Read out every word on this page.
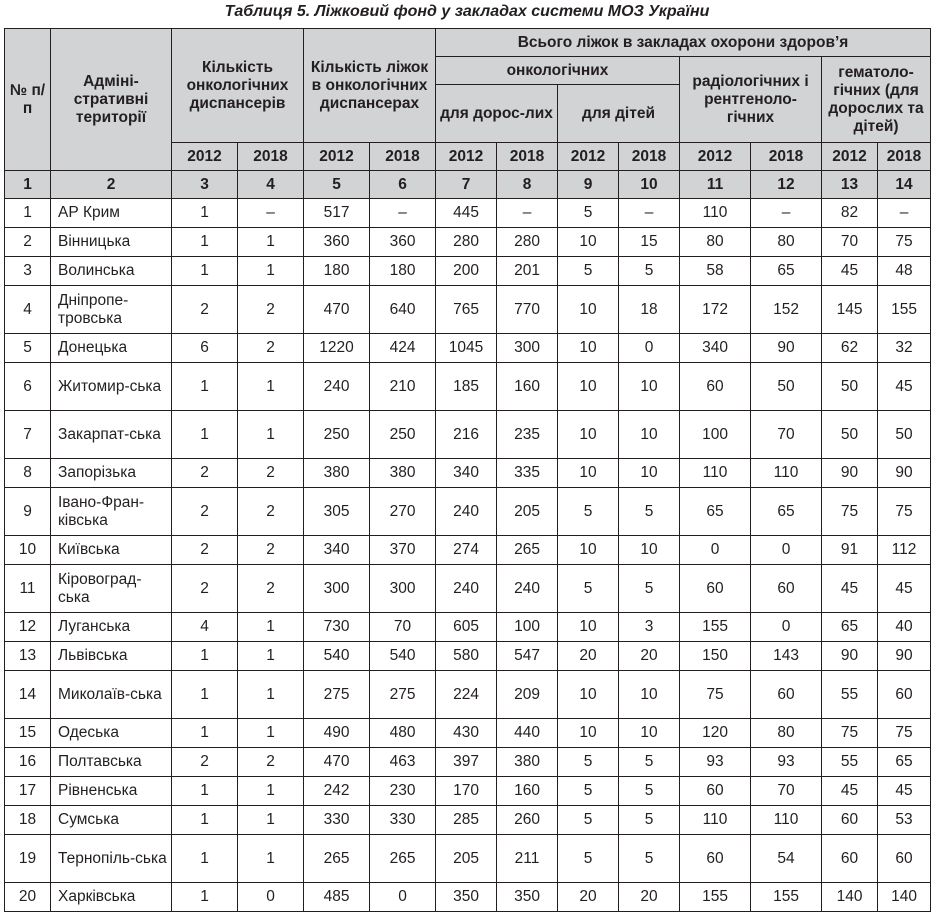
Таблиця 5. Ліжковий фонд у закладах системи МОЗ України
№ п/п	Адміні-стративні території	Кількість онкологічних диспансерів		Кількість ліжок в онкологічних диспансерах		Всього ліжок в закладах охорони здоров’я							
						онкологічних				радіологічних і рентгеноло-гічних		гематоло-гічних (для дорослих та дітей)	
						для дорос-лих		для дітей					
		2012	2018	2012	2018	2012	2018	2012	2018	2012	2018	2012	2018
1	2	3	4	5	6	7	8	9	10	11	12	13	14
1	АР Крим	1	–	517	–	445	–	5	–	110	–	82	–
2	Вінницька	1	1	360	360	280	280	10	15	80	80	70	75
3	Волинська	1	1	180	180	200	201	5	5	58	65	45	48
4	Дніпропе-тровська	2	2	470	640	765	770	10	18	172	152	145	155
5	Донецька	6	2	1220	424	1045	300	10	0	340	90	62	32
6	Житомир-ська	1	1	240	210	185	160	10	10	60	50	50	45
7	Закарпат-ська	1	1	250	250	216	235	10	10	100	70	50	50
8	Запорізька	2	2	380	380	340	335	10	10	110	110	90	90
9	Івано-Фран-ківська	2	2	305	270	240	205	5	5	65	65	75	75
10	Київська	2	2	340	370	274	265	10	10	0	0	91	112
11	Кіровоград-ська	2	2	300	300	240	240	5	5	60	60	45	45
12	Луганська	4	1	730	70	605	100	10	3	155	0	65	40
13	Львівська	1	1	540	540	580	547	20	20	150	143	90	90
14	Миколаїв-ська	1	1	275	275	224	209	10	10	75	60	55	60
15	Одеська	1	1	490	480	430	440	10	10	120	80	75	75
16	Полтавська	2	2	470	463	397	380	5	5	93	93	55	65
17	Рівненська	1	1	242	230	170	160	5	5	60	70	45	45
18	Сумська	1	1	330	330	285	260	5	5	110	110	60	53
19	Тернопіль-ська	1	1	265	265	205	211	5	5	60	54	60	60
20	Харківська	1	0	485	0	350	350	20	20	155	155	140	140
